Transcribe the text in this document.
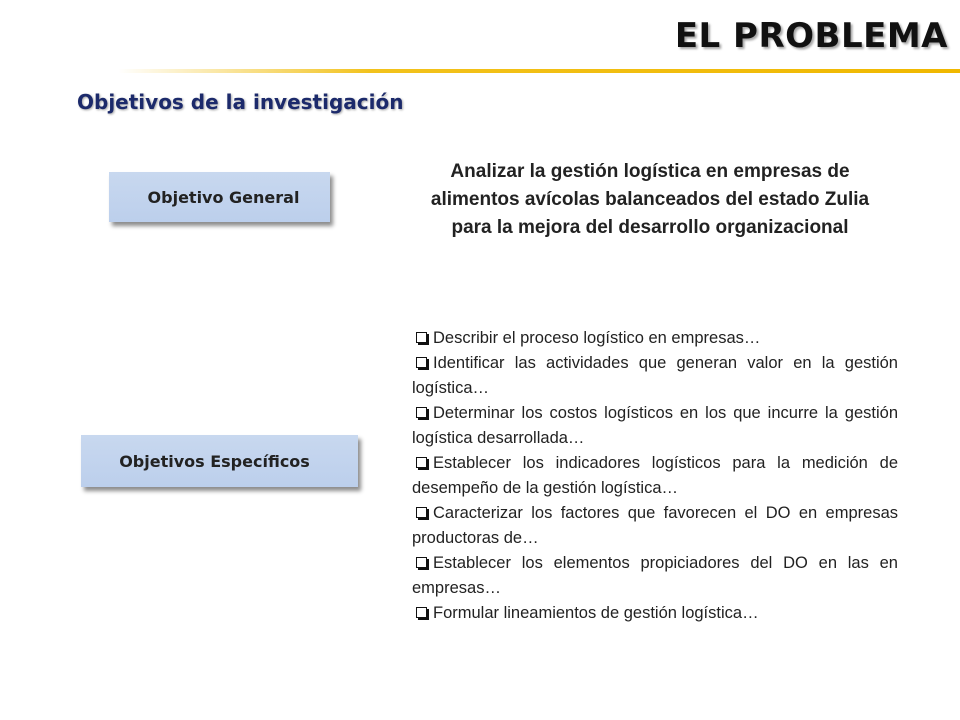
EL PROBLEMA
Objetivos de la investigación
Objetivo General
Analizar la gestión logística en empresas de alimentos avícolas balanceados del estado Zulia para la mejora del desarrollo organizacional
Describir el proceso logístico en empresas…
Identificar las actividades que generan valor en la gestión logística…
Determinar los costos logísticos en los que incurre la gestión logística desarrollada…
Establecer los indicadores logísticos para la medición de desempeño de la gestión logística…
Caracterizar los factores que favorecen el DO en empresas productoras de…
Establecer los elementos propiciadores del DO en las en empresas…
Formular lineamientos de gestión logística…
Objetivos Específicos
